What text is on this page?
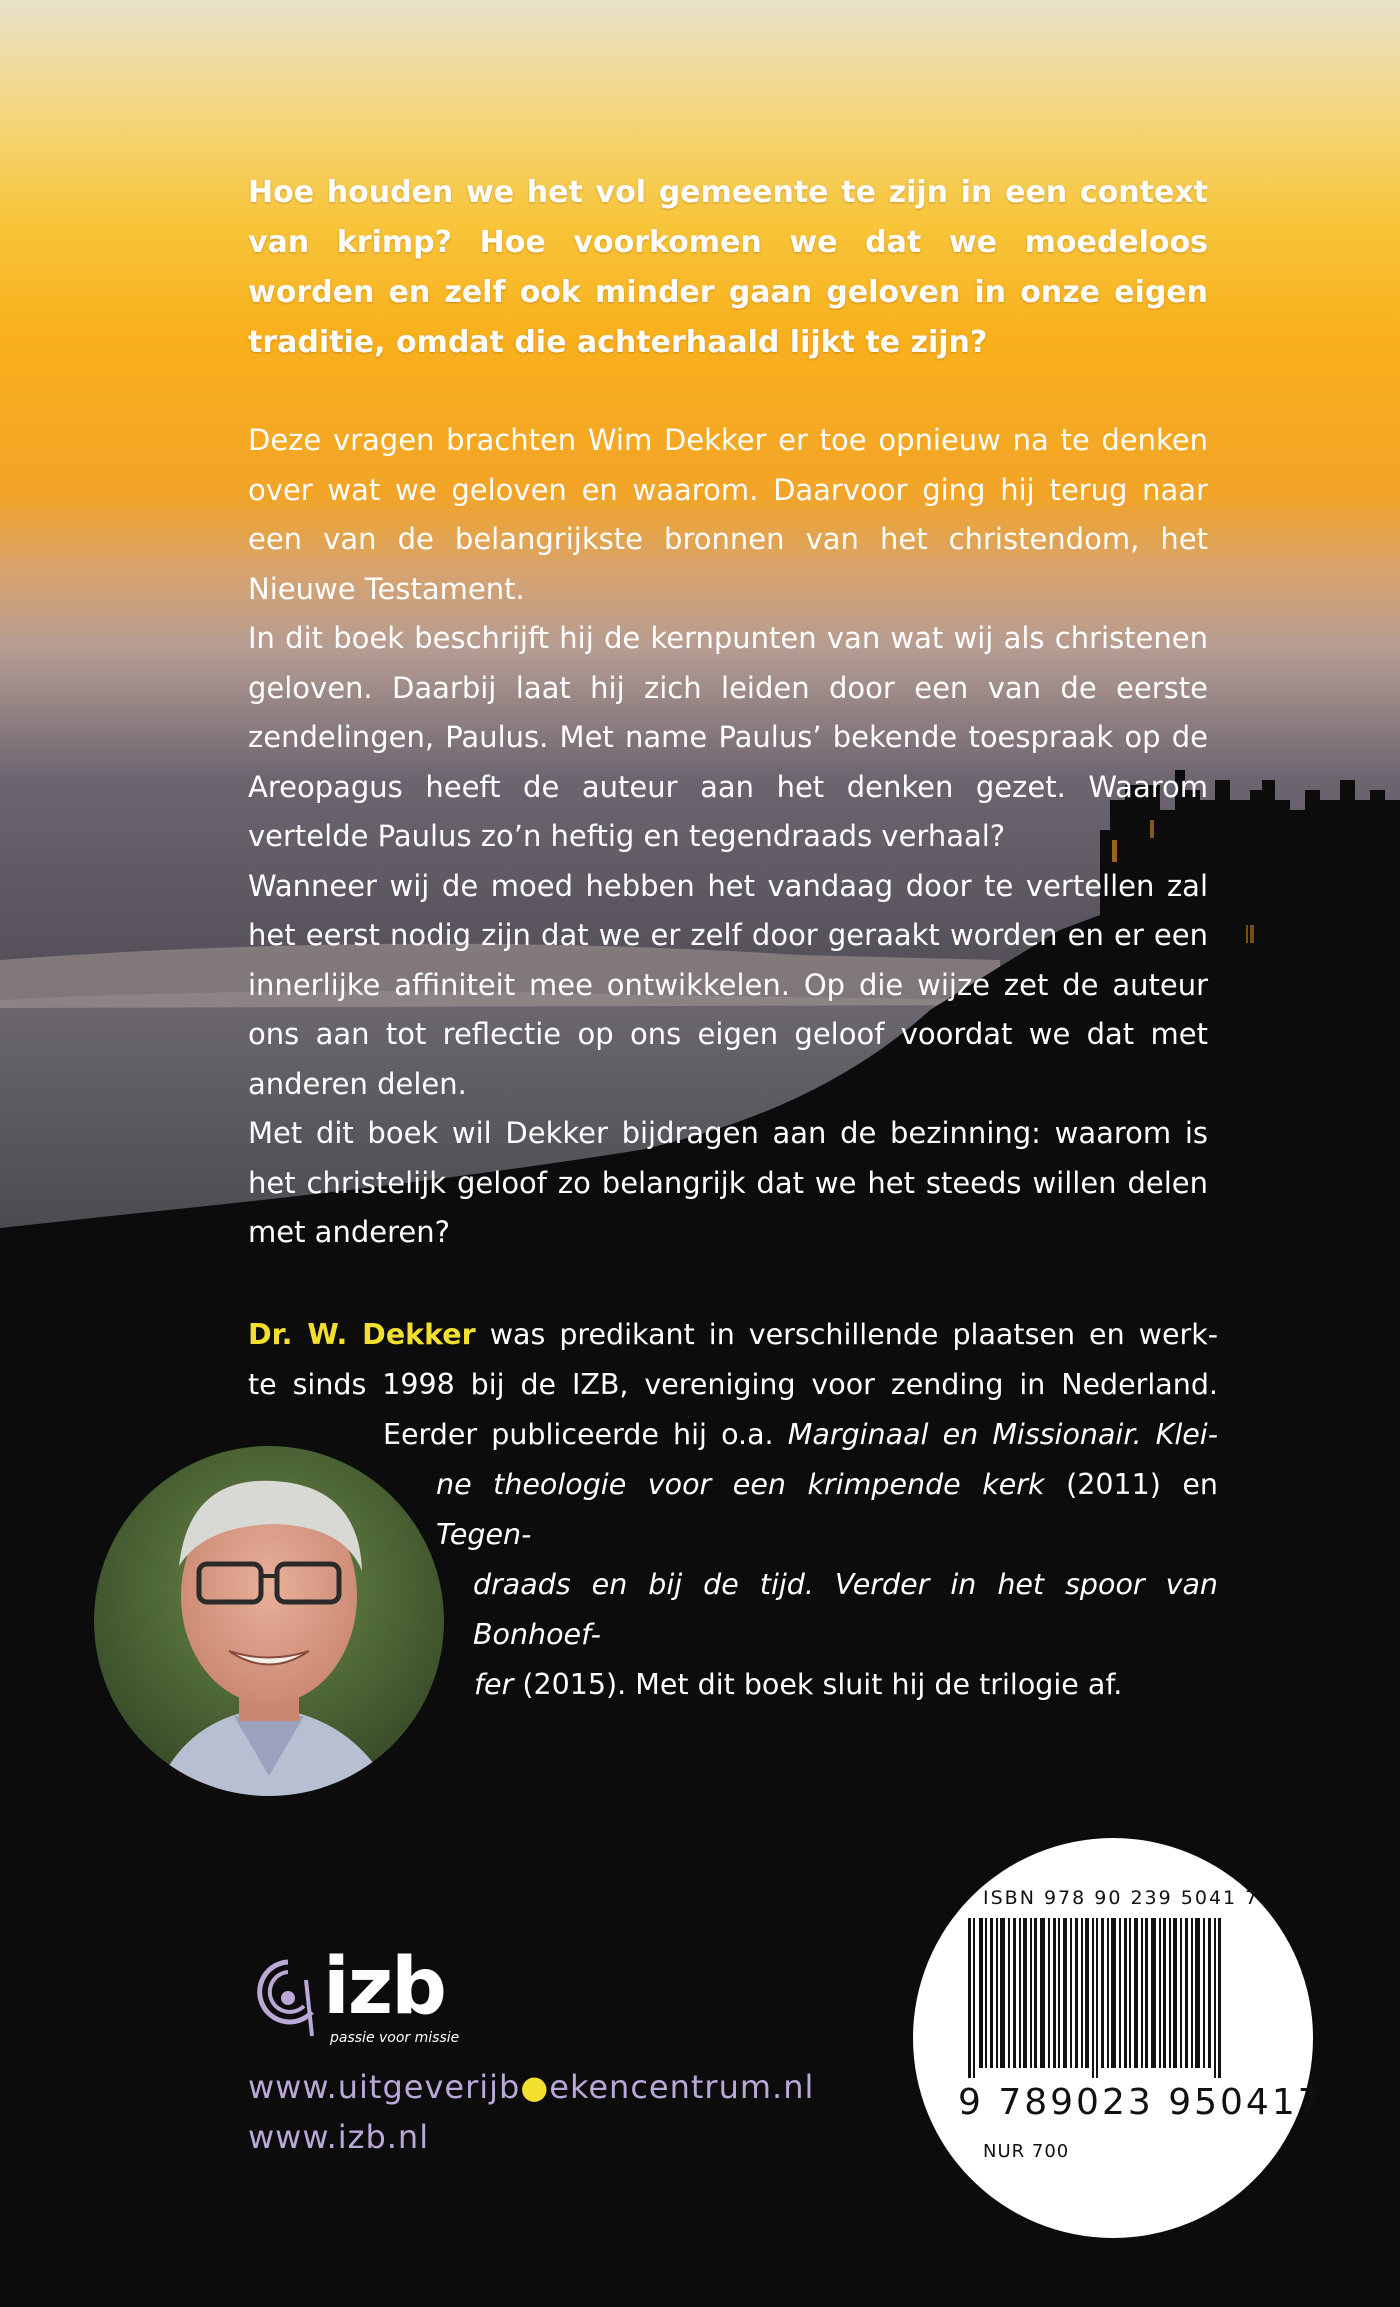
Hoe houden we het vol gemeente te zijn in een context van krimp? Hoe voorkomen we dat we moedeloos worden en zelf ook minder gaan geloven in onze eigen traditie, omdat die achterhaald lijkt te zijn?

Deze vragen brachten Wim Dekker er toe opnieuw na te denken over wat we geloven en waarom. Daarvoor ging hij terug naar een van de belangrijkste bronnen van het christendom, het Nieuwe Testament.

In dit boek beschrijft hij de kernpunten van wat wij als christenen geloven. Daarbij laat hij zich leiden door een van de eerste zendelingen, Paulus. Met name Paulus’ bekende toespraak op de Areopagus heeft de auteur aan het denken gezet. Waarom vertelde Paulus zo’n heftig en tegendraads verhaal?

Wanneer wij de moed hebben het vandaag door te vertellen zal het eerst nodig zijn dat we er zelf door geraakt worden en er een innerlijke affiniteit mee ontwikkelen. Op die wijze zet de auteur ons aan tot reflectie op ons eigen geloof voordat we dat met anderen delen.

Met dit boek wil Dekker bijdragen aan de bezinning: waarom is het christelijk geloof zo belangrijk dat we het steeds willen delen met anderen?

Dr. W. Dekker was predikant in verschillende plaatsen en werk-
te sinds 1998 bij de IZB, vereniging voor zending in Nederland.
Eerder publiceerde hij o.a. Marginaal en Missionair. Klei-
ne theologie voor een krimpende kerk (2011) en Tegen-
draads en bij de tijd. Verder in het spoor van Bonhoef-
fer (2015). Met dit boek sluit hij de trilogie af.
izb
passie voor missie
www.uitgeverijb●ekencentrum.nl
www.izb.nl
ISBN 978 90 239 5041 7
9 789023 950417
NUR 700
